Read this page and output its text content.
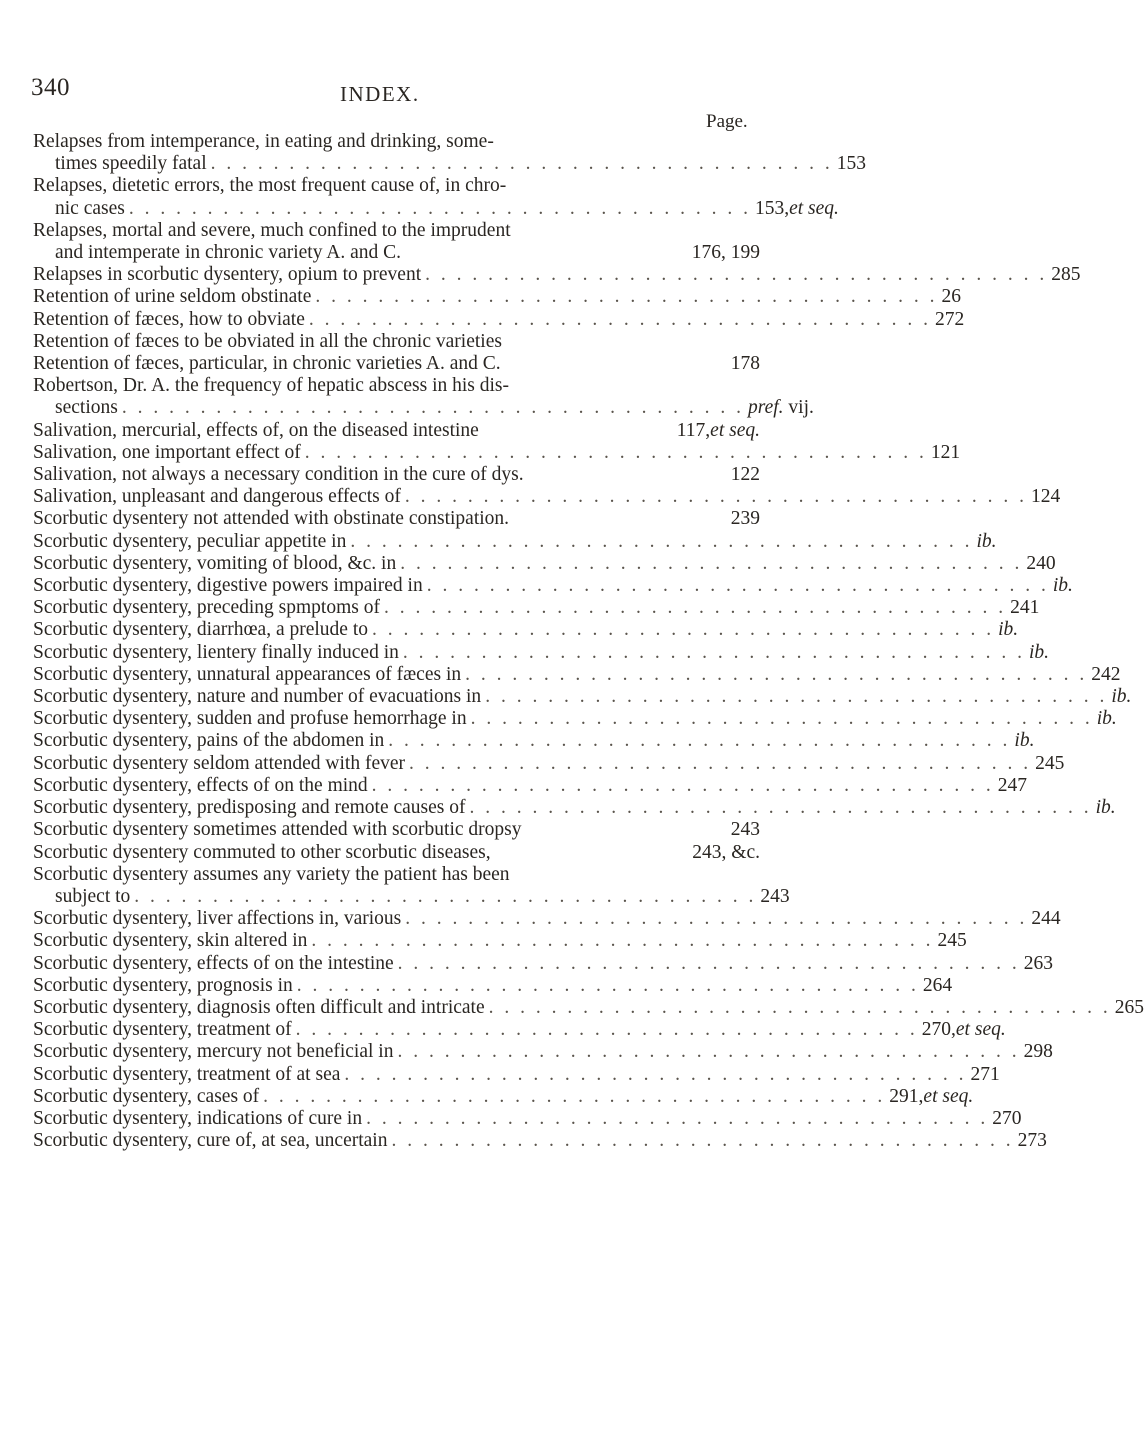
340	INDEX.
Page.
Relapses from intemperance, in eating and drinking, some-
times speedily fatal . . . . . . . . . . . . . . . . . . . . . . . . . . . . . . . . . . . . . . . . 153
Relapses, dietetic errors, the most frequent cause of, in chro-
nic cases . . . . . . . . . . . . . . . . . . . . . . . . . . . . . . . . . . . . . . . . 153,et seq.
Relapses, mortal and severe, much confined to the imprudent
and intemperate in chronic variety A. and C.	176, 199
Relapses in scorbutic dysentery, opium to prevent . . . . . . . . . . . . . . . . . . . . . . . . . . . . . . . . . . . . . . . . 285
Retention of urine seldom obstinate . . . . . . . . . . . . . . . . . . . . . . . . . . . . . . . . . . . . . . . . 26
Retention of fæces, how to obviate . . . . . . . . . . . . . . . . . . . . . . . . . . . . . . . . . . . . . . . . 272
Retention of fæces to be obviated in all the chronic varieties
Retention of fæces, particular, in chronic varieties A. and C.	178
Robertson, Dr. A. the frequency of hepatic abscess in his dis-
sections . . . . . . . . . . . . . . . . . . . . . . . . . . . . . . . . . . . . . . . . pref. vij.
Salivation, mercurial, effects of, on the diseased intestine	117,et seq.
Salivation, one important effect of . . . . . . . . . . . . . . . . . . . . . . . . . . . . . . . . . . . . . . . . 121
Salivation, not always a necessary condition in the cure of dys.	122
Salivation, unpleasant and dangerous effects of . . . . . . . . . . . . . . . . . . . . . . . . . . . . . . . . . . . . . . . . 124
Scorbutic dysentery not attended with obstinate constipation.	239
Scorbutic dysentery, peculiar appetite in . . . . . . . . . . . . . . . . . . . . . . . . . . . . . . . . . . . . . . . . ib.
Scorbutic dysentery, vomiting of blood, &c. in . . . . . . . . . . . . . . . . . . . . . . . . . . . . . . . . . . . . . . . . 240
Scorbutic dysentery, digestive powers impaired in . . . . . . . . . . . . . . . . . . . . . . . . . . . . . . . . . . . . . . . . ib.
Scorbutic dysentery, preceding spmptoms of . . . . . . . . . . . . . . . . . . . . . . . . . . . . . . . . . . . . . . . . 241
Scorbutic dysentery, diarrhœa, a prelude to . . . . . . . . . . . . . . . . . . . . . . . . . . . . . . . . . . . . . . . . ib.
Scorbutic dysentery, lientery finally induced in . . . . . . . . . . . . . . . . . . . . . . . . . . . . . . . . . . . . . . . . ib.
Scorbutic dysentery, unnatural appearances of fæces in . . . . . . . . . . . . . . . . . . . . . . . . . . . . . . . . . . . . . . . . 242
Scorbutic dysentery, nature and number of evacuations in . . . . . . . . . . . . . . . . . . . . . . . . . . . . . . . . . . . . . . . . ib.
Scorbutic dysentery, sudden and profuse hemorrhage in . . . . . . . . . . . . . . . . . . . . . . . . . . . . . . . . . . . . . . . . ib.
Scorbutic dysentery, pains of the abdomen in . . . . . . . . . . . . . . . . . . . . . . . . . . . . . . . . . . . . . . . . ib.
Scorbutic dysentery seldom attended with fever . . . . . . . . . . . . . . . . . . . . . . . . . . . . . . . . . . . . . . . . 245
Scorbutic dysentery, effects of on the mind . . . . . . . . . . . . . . . . . . . . . . . . . . . . . . . . . . . . . . . . 247
Scorbutic dysentery, predisposing and remote causes of . . . . . . . . . . . . . . . . . . . . . . . . . . . . . . . . . . . . . . . . ib.
Scorbutic dysentery sometimes attended with scorbutic dropsy	243
Scorbutic dysentery commuted to other scorbutic diseases,	243, &c.
Scorbutic dysentery assumes any variety the patient has been
subject to . . . . . . . . . . . . . . . . . . . . . . . . . . . . . . . . . . . . . . . . 243
Scorbutic dysentery, liver affections in, various . . . . . . . . . . . . . . . . . . . . . . . . . . . . . . . . . . . . . . . . 244
Scorbutic dysentery, skin altered in . . . . . . . . . . . . . . . . . . . . . . . . . . . . . . . . . . . . . . . . 245
Scorbutic dysentery, effects of on the intestine . . . . . . . . . . . . . . . . . . . . . . . . . . . . . . . . . . . . . . . . 263
Scorbutic dysentery, prognosis in . . . . . . . . . . . . . . . . . . . . . . . . . . . . . . . . . . . . . . . . 264
Scorbutic dysentery, diagnosis often difficult and intricate . . . . . . . . . . . . . . . . . . . . . . . . . . . . . . . . . . . . . . . . 265
Scorbutic dysentery, treatment of . . . . . . . . . . . . . . . . . . . . . . . . . . . . . . . . . . . . . . . . 270,et seq.
Scorbutic dysentery, mercury not beneficial in . . . . . . . . . . . . . . . . . . . . . . . . . . . . . . . . . . . . . . . . 298
Scorbutic dysentery, treatment of at sea . . . . . . . . . . . . . . . . . . . . . . . . . . . . . . . . . . . . . . . . 271
Scorbutic dysentery, cases of . . . . . . . . . . . . . . . . . . . . . . . . . . . . . . . . . . . . . . . . 291,et seq.
Scorbutic dysentery, indications of cure in . . . . . . . . . . . . . . . . . . . . . . . . . . . . . . . . . . . . . . . . 270
Scorbutic dysentery, cure of, at sea, uncertain . . . . . . . . . . . . . . . . . . . . . . . . . . . . . . . . . . . . . . . . 273
